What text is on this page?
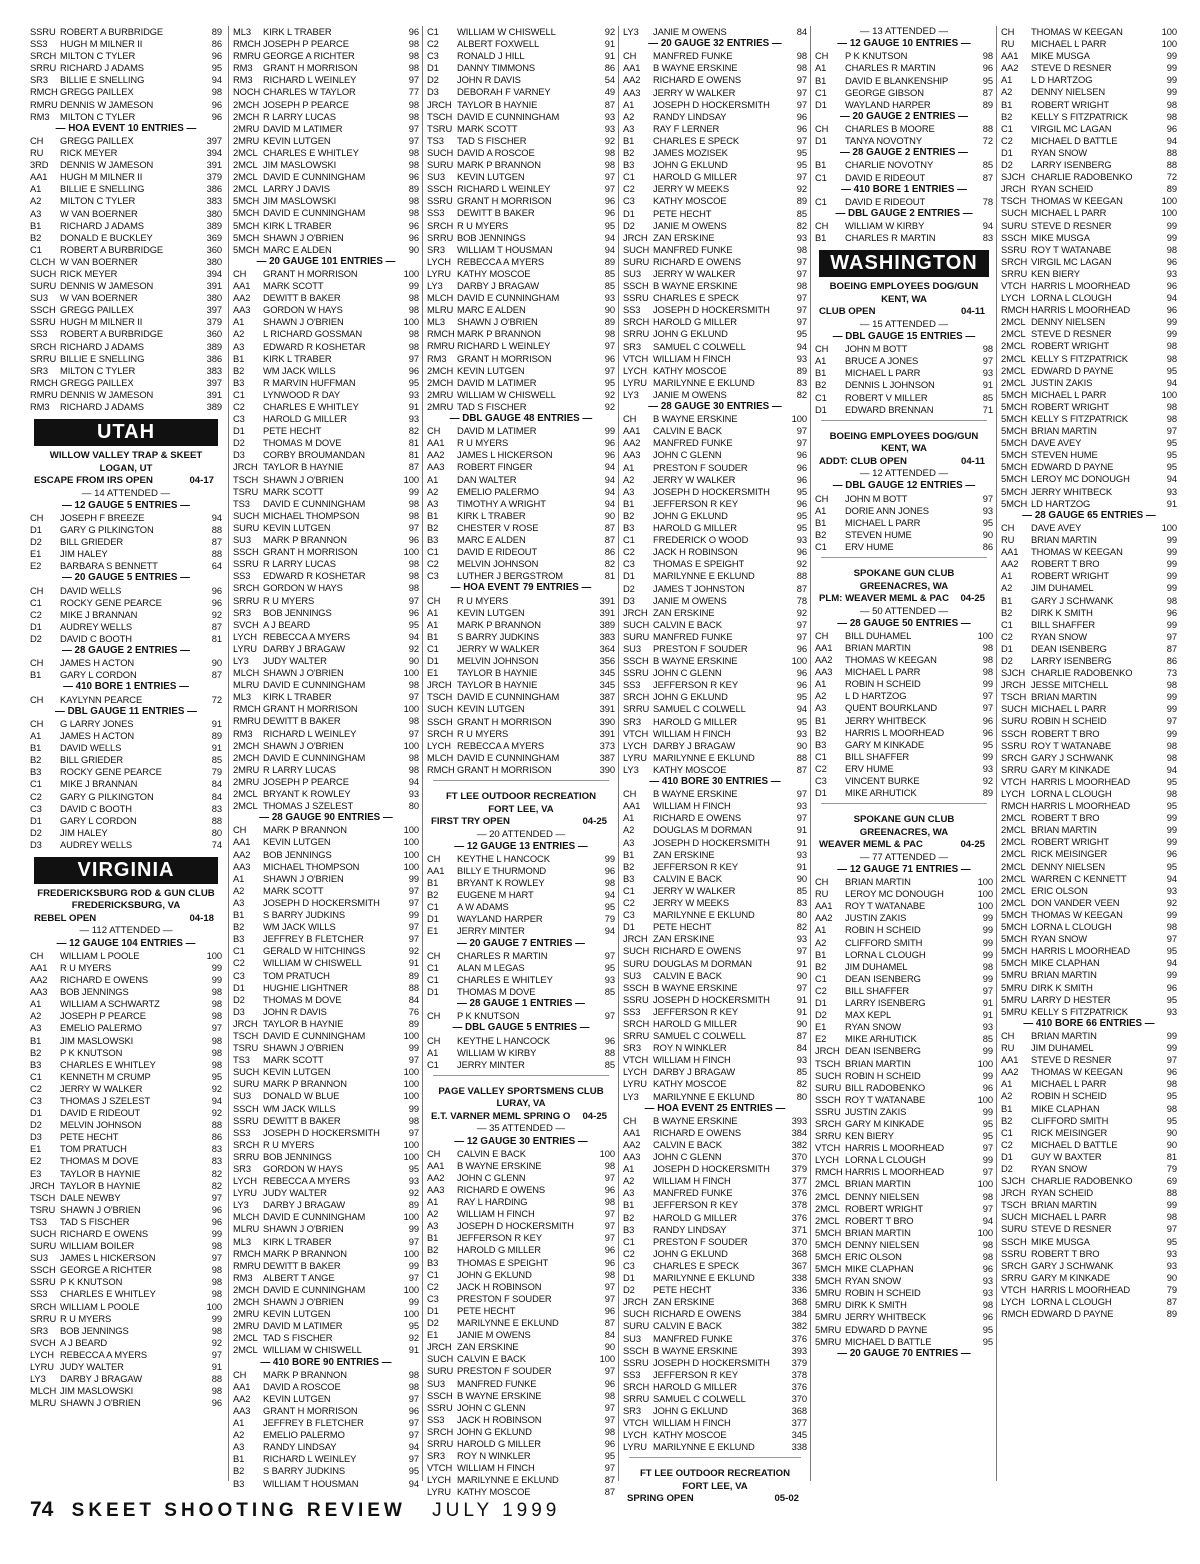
SSRU ROBERT A BURBRIDGE	89
SS3	HUGH M MILNER II	86
SRCH MILTON C TYLER	96
SRRU RICHARD J ADAMS	95
SR3	BILLIE E SNELLING	94
RMCH GREGG PAILLEX	98
RMRU DENNIS W JAMESON	96
RM3	MILTON C TYLER	96
— HOA EVENT 10 ENTRIES —
CH	GREGG PAILLEX	397
RU	RICK MEYER	394
3RD	DENNIS W JAMESON	391
AA1	HUGH M MILNER II	379
A1	BILLIE E SNELLING	386
A2	MILTON C TYLER	383
A3	W VAN BOERNER	380
B1	RICHARD J ADAMS	389
B2	DONALD E BUCKLEY	369
C1	ROBERT A BURBRIDGE	360
CLCH W VAN BOERNER	380
SUCH RICK MEYER	394
SURU DENNIS W JAMESON	391
SU3	W VAN BOERNER	380
SSCH GREGG PAILLEX	397
SSRU HUGH M MILNER II	379
SS3	ROBERT A BURBRIDGE	360
SRCH RICHARD J ADAMS	389
SRRU BILLIE E SNELLING	386
SR3	MILTON C TYLER	383
RMCH GREGG PAILLEX	397
RMRU DENNIS W JAMESON	391
RM3	RICHARD J ADAMS	389
UTAH
WILLOW VALLEY TRAP & SKEET
LOGAN, UT
ESCAPE FROM IRS OPEN	04-17
— 14 ATTENDED —
— 12 GAUGE 5 ENTRIES —
CH	JOSEPH F BREEZE	94
D1	GARY G PILKINGTON	88
D2	BILL GRIEDER	87
E1	JIM HALEY	88
E2	BARBARA S BENNETT	64
— 20 GAUGE 5 ENTRIES —
CH	DAVID WELLS	96
C1	ROCKY GENE PEARCE	96
C2	MIKE J BRANNAN	92
D1	AUDREY WELLS	87
D2	DAVID C BOOTH	81
— 28 GAUGE 2 ENTRIES —
CH	JAMES H ACTON	90
B1	GARY L CORDON	87
— 410 BORE 1 ENTRIES —
CH	KAYLYNN PEARCE	72
— DBL GAUGE 11 ENTRIES —
CH	G LARRY JONES	91
A1	JAMES H ACTON	89
B1	DAVID WELLS	91
B2	BILL GRIEDER	85
B3	ROCKY GENE PEARCE	79
C1	MIKE J BRANNAN	84
C2	GARY G PILKINGTON	84
C3	DAVID C BOOTH	83
D1	GARY L CORDON	88
D2	JIM HALEY	80
D3	AUDREY WELLS	74
VIRGINIA
FREDERICKSBURG ROD & GUN CLUB
FREDERICKSBURG, VA
REBEL OPEN	04-18
— 112 ATTENDED —
— 12 GAUGE 104 ENTRIES —
CH	WILLIAM L POOLE	100
AA1	R U MYERS	99
AA2	RICHARD E OWENS	99
AA3	BOB JENNINGS	98
A1	WILLIAM A SCHWARTZ	98
A2	JOSEPH P PEARCE	98
A3	EMELIO PALERMO	97
B1	JIM MASLOWSKI	98
B2	P K KNUTSON	98
B3	CHARLES E WHITLEY	98
C1	KENNETH M CRUMP	95
C2	JERRY W WALKER	92
C3	THOMAS J SZELEST	94
D1	DAVID E RIDEOUT	92
D2	MELVIN JOHNSON	88
D3	PETE HECHT	86
E1	TOM PRATUCH	83
E2	THOMAS M DOVE	83
E3	TAYLOR B HAYNIE	82
JRCH TAYLOR B HAYNIE	82
TSCH DALE NEWBY	97
TSRU SHAWN J O'BRIEN	96
TS3	TAD S FISCHER	96
SUCH RICHARD E OWENS	99
SURU WILLIAM BOILER	98
SU3	JAMES L HICKERSON	97
SSCH GEORGE A RICHTER	98
SSRU P K KNUTSON	98
SS3	CHARLES E WHITLEY	98
SRCH WILLIAM L POOLE	100
SRRU R U MYERS	99
SR3	BOB JENNINGS	98
SVCH A J BEARD	92
LYCH REBECCA A MYERS	97
LYRU JUDY WALTER	91
LY3	DARBY J BRAGAW	88
MLCH JIM MASLOWSKI	98
MLRU SHAWN J O'BRIEN	96
ML3	KIRK L TRABER	96
RMCH JOSEPH P PEARCE	98
RMRU GEORGE A RICHTER	98
RM3	GRANT H MORRISON	98
RM3	RICHARD L WEINLEY	97
NOCH CHARLES W TAYLOR	77
2MCH JOSEPH P PEARCE	98
2MCH R LARRY LUCAS	98
2MRU DAVID M LATIMER	97
2MRU KEVIN LUTGEN	97
2MCL CHARLES E WHITLEY	98
2MCL JIM MASLOWSKI	98
2MCL DAVID E CUNNINGHAM	96
2MCL LARRY J DAVIS	89
5MCH JIM MASLOWSKI	98
5MCH DAVID E CUNNINGHAM	98
5MCH KIRK L TRABER	96
5MCH SHAWN J O'BRIEN	96
5MCH MARC E ALDEN	90
— 20 GAUGE 101 ENTRIES —
CH	GRANT H MORRISON	100
AA1	MARK SCOTT	99
AA2	DEWITT B BAKER	98
AA3	GORDON W HAYS	98
A1	SHAWN J O'BRIEN	100
A2	L RICHARD GOSSMAN	98
A3	EDWARD R KOSHETAR	98
B1	KIRK L TRABER	97
B2	WM JACK WILLS	96
B3	R MARVIN HUFFMAN	95
C1	LYNWOOD R DAY	93
C2	CHARLES E WHITLEY	91
C3	HAROLD G MILLER	93
D1	PETE HECHT	82
D2	THOMAS M DOVE	81
D3	CORBY BROUMANDAN	81
JRCH TAYLOR B HAYNIE	87
TSCH SHAWN J O'BRIEN	100
TSRU MARK SCOTT	99
TS3	DAVID E CUNNINGHAM	98
SUCH MICHAEL THOMPSON	98
SURU KEVIN LUTGEN	97
SU3	MARK P BRANNON	96
SSCH GRANT H MORRISON	100
SSRU R LARRY LUCAS	98
SS3	EDWARD R KOSHETAR	98
SRCH GORDON W HAYS	98
SRRU R U MYERS	97
SR3	BOB JENNINGS	96
SVCH A J BEARD	95
LYCH REBECCA A MYERS	94
LYRU DARBY J BRAGAW	92
LY3	JUDY WALTER	90
MLCH SHAWN J O'BRIEN	100
MLRU DAVID E CUNNINGHAM	98
ML3	KIRK L TRABER	97
RMCH GRANT H MORRISON	100
RMRU DEWITT B BAKER	98
RM3	RICHARD L WEINLEY	97
2MCH SHAWN J O'BRIEN	100
2MCH DAVID E CUNNINGHAM	98
2MRU R LARRY LUCAS	98
2MRU JOSEPH P PEARCE	94
2MCL BRYANT K ROWLEY	93
2MCL THOMAS J SZELEST	80
— 28 GAUGE 90 ENTRIES —
CH	MARK P BRANNON	100
AA1	KEVIN LUTGEN	100
AA2	BOB JENNINGS	100
AA3	MICHAEL THOMPSON	100
A1	SHAWN J O'BRIEN	99
A2	MARK SCOTT	97
A3	JOSEPH D HOCKERSMITH	97
B1	S BARRY JUDKINS	99
B2	WM JACK WILLS	97
B3	JEFFREY B FLETCHER	97
C1	GERALD W HITCHINGS	92
C2	WILLIAM W CHISWELL	91
C3	TOM PRATUCH	89
D1	HUGHIE LIGHTNER	88
D2	THOMAS M DOVE	84
D3	JOHN R DAVIS	76
JRCH TAYLOR B HAYNIE	89
TSCH DAVID E CUNNINGHAM	100
TSRU SHAWN J O'BRIEN	99
TS3	MARK SCOTT	97
SUCH KEVIN LUTGEN	100
SURU MARK P BRANNON	100
SU3	DONALD W BLUE	100
SSCH WM JACK WILLS	99
SSRU DEWITT B BAKER	98
SS3	JOSEPH D HOCKERSMITH	97
SRCH R U MYERS	100
SRRU BOB JENNINGS	100
SR3	GORDON W HAYS	95
LYCH REBECCA A MYERS	93
LYRU JUDY WALTER	92
LY3	DARBY J BRAGAW	89
MLCH DAVID E CUNNINGHAM	100
MLRU SHAWN J O'BRIEN	99
ML3	KIRK L TRABER	97
RMCH MARK P BRANNON	100
RMRU DEWITT B BAKER	99
RM3	ALBERT T ANGE	97
2MCH DAVID E CUNNINGHAM	100
2MCH SHAWN J O'BRIEN	99
2MRU KEVIN LUTGEN	100
2MRU DAVID M LATIMER	95
2MCL TAD S FISCHER	92
2MCL WILLIAM W CHISWELL	91
— 410 BORE 90 ENTRIES —
CH	MARK P BRANNON	98
AA1	DAVID A ROSCOE	98
AA2	KEVIN LUTGEN	97
AA3	GRANT H MORRISON	96
A1	JEFFREY B FLETCHER	97
A2	EMELIO PALERMO	97
A3	RANDY LINDSAY	94
B1	RICHARD L WEINLEY	97
B2	S BARRY JUDKINS	95
B3	WILLIAM T HOUSMAN	94
C1	WILLIAM W CHISWELL	92
C2	ALBERT FOXWELL	91
C3	RONALD J HILL	91
D1	DANNY TIMMONS	86
D2	JOHN R DAVIS	54
D3	DEBORAH F VARNEY	49
JRCH TAYLOR B HAYNIE	87
TSCH DAVID E CUNNINGHAM	93
TSRU MARK SCOTT	93
TS3	TAD S FISCHER	92
SUCH DAVID A ROSCOE	98
SURU MARK P BRANNON	98
SU3	KEVIN LUTGEN	97
SSCH RICHARD L WEINLEY	97
SSRU GRANT H MORRISON	96
SS3	DEWITT B BAKER	96
SRCH R U MYERS	95
SRRU BOB JENNINGS	94
SR3	WILLIAM T HOUSMAN	94
LYCH REBECCA A MYERS	89
LYRU KATHY MOSCOE	85
LY3	DARBY J BRAGAW	85
MLCH DAVID E CUNNINGHAM	93
MLRU MARC E ALDEN	90
ML3	SHAWN J O'BRIEN	89
RMCH MARK P BRANNON	98
RMRU RICHARD L WEINLEY	97
RM3	GRANT H MORRISON	96
2MCH KEVIN LUTGEN	97
2MCH DAVID M LATIMER	95
2MRU WILLIAM W CHISWELL	92
2MRU TAD S FISCHER	92
— DBL GAUGE 48 ENTRIES —
CH	DAVID M LATIMER	99
AA1	R U MYERS	96
AA2	JAMES L HICKERSON	96
AA3	ROBERT FINGER	94
A1	DAN WALTER	94
A2	EMELIO PALERMO	94
A3	TIMOTHY A WRIGHT	94
B1	KIRK L TRABER	90
B2	CHESTER V ROSE	87
B3	MARC E ALDEN	87
C1	DAVID E RIDEOUT	86
C2	MELVIN JOHNSON	82
C3	LUTHER J BERGSTROM	81
— HOA EVENT 79 ENTRIES —
CH	R U MYERS	391
A1	KEVIN LUTGEN	391
A1	MARK P BRANNON	389
B1	S BARRY JUDKINS	383
C1	JERRY W WALKER	364
D1	MELVIN JOHNSON	356
E1	TAYLOR B HAYNIE	345
JRCH TAYLOR B HAYNIE	345
TSCH DAVID E CUNNINGHAM	387
SUCH KEVIN LUTGEN	391
SSCH GRANT H MORRISON	390
SRCH R U MYERS	391
LYCH REBECCA A MYERS	373
MLCH DAVID E CUNNINGHAM	387
RMCH GRANT H MORRISON	390
FT LEE OUTDOOR RECREATION
FORT LEE, VA
FIRST TRY OPEN	04-25
— 20 ATTENDED —
— 12 GAUGE 13 ENTRIES —
CH	KEYTHE L HANCOCK	99
AA1	BILLY E THURMOND	96
B1	BRYANT K ROWLEY	98
B2	EUGENE M HART	94
C1	A W ADAMS	95
D1	WAYLAND HARPER	79
E1	JERRY MINTER	94
— 20 GAUGE 7 ENTRIES —
CH	CHARLES R MARTIN	97
C1	ALAN M LEGAS	95
C1	CHARLES E WHITLEY	93
D1	THOMAS M DOVE	85
— 28 GAUGE 1 ENTRIES —
CH	P K KNUTSON	97
— DBL GAUGE 5 ENTRIES —
CH	KEYTHE L HANCOCK	96
A1	WILLIAM W KIRBY	88
C1	JERRY MINTER	85
PAGE VALLEY SPORTSMENS CLUB
LURAY, VA
E.T. VARNER MEML SPRING O 04-25
— 35 ATTENDED —
— 12 GAUGE 30 ENTRIES —
CH	CALVIN E BACK	100
AA1	B WAYNE ERSKINE	98
AA2	JOHN C GLENN	97
AA3	RICHARD E OWENS	96
A1	RAY L HARDING	98
A2	WILLIAM H FINCH	97
A3	JOSEPH D HOCKERSMITH	97
B1	JEFFERSON R KEY	97
B2	HAROLD G MILLER	96
B3	THOMAS E SPEIGHT	96
C1	JOHN G EKLUND	98
C2	JACK H ROBINSON	97
C3	PRESTON F SOUDER	97
D1	PETE HECHT	96
D2	MARILYNNE E EKLUND	87
E1	JANIE M OWENS	84
JRCH ZAN ERSKINE	90
SUCH CALVIN E BACK	100
SURU PRESTON F SOUDER	97
SU3	MANFRED FUNKE	96
SSCH B WAYNE ERSKINE	98
SSRU JOHN C GLENN	97
SS3	JACK H ROBINSON	97
SRCH JOHN G EKLUND	98
SRRU HAROLD G MILLER	96
SR3	ROY N WINKLER	95
VTCH WILLIAM H FINCH	97
LYCH MARILYNNE E EKLUND	87
LYRU KATHY MOSCOE	87
LY3	JANIE M OWENS	84
— 20 GAUGE 32 ENTRIES —
CH	MANFRED FUNKE	98
AA1	B WAYNE ERSKINE	98
AA2	RICHARD E OWENS	97
AA3	JERRY W WALKER	97
A1	JOSEPH D HOCKERSMITH	97
A2	RANDY LINDSAY	96
A3	RAY F LERNER	96
B1	CHARLES E SPECK	97
B2	JAMES MOZISEK	95
B3	JOHN G EKLUND	95
C1	HAROLD G MILLER	97
C2	JERRY W MEEKS	92
C3	KATHY MOSCOE	89
D1	PETE HECHT	85
D2	JANIE M OWENS	82
JRCH ZAN ERSKINE	93
SUCH MANFRED FUNKE	98
SURU RICHARD E OWENS	97
SU3	JERRY W WALKER	97
SSCH B WAYNE ERSKINE	98
SSRU CHARLES E SPECK	97
SS3	JOSEPH D HOCKERSMITH	97
SRCH HAROLD G MILLER	97
SRRU JOHN G EKLUND	95
SR3	SAMUEL C COLWELL	94
VTCH WILLIAM H FINCH	93
LYCH KATHY MOSCOE	89
LYRU MARILYNNE E EKLUND	83
LY3	JANIE M OWENS	82
— 28 GAUGE 30 ENTRIES —
CH	B WAYNE ERSKINE	100
AA1	CALVIN E BACK	97
AA2	MANFRED FUNKE	97
AA3	JOHN C GLENN	96
A1	PRESTON F SOUDER	96
A2	JERRY W WALKER	96
A3	JOSEPH D HOCKERSMITH	95
B1	JEFFERSON R KEY	96
B2	JOHN G EKLUND	95
B3	HAROLD G MILLER	95
C1	FREDERICK O WOOD	93
C2	JACK H ROBINSON	96
C3	THOMAS E SPEIGHT	92
D1	MARILYNNE E EKLUND	88
D2	JAMES T JOHNSTON	87
D3	JANIE M OWENS	78
JRCH ZAN ERSKINE	92
SUCH CALVIN E BACK	97
SURU MANFRED FUNKE	97
SU3	PRESTON F SOUDER	96
SSCH B WAYNE ERSKINE	100
SSRU JOHN C GLENN	96
SS3	JEFFERSON R KEY	96
SRCH JOHN G EKLUND	95
SRRU SAMUEL C COLWELL	94
SR3	HAROLD G MILLER	95
VTCH WILLIAM H FINCH	93
LYCH DARBY J BRAGAW	90
LYRU MARILYNNE E EKLUND	88
LY3	KATHY MOSCOE	87
— 410 BORE 30 ENTRIES —
CH	B WAYNE ERSKINE	97
AA1	WILLIAM H FINCH	93
A1	RICHARD E OWENS	97
A2	DOUGLAS M DORMAN	91
A3	JOSEPH D HOCKERSMITH	91
B1	ZAN ERSKINE	93
B2	JEFFERSON R KEY	91
B3	CALVIN E BACK	90
C1	JERRY W WALKER	85
C2	JERRY W MEEKS	83
C3	MARILYNNE E EKLUND	80
D1	PETE HECHT	82
JRCH ZAN ERSKINE	93
SUCH RICHARD E OWENS	97
SURU DOUGLAS M DORMAN	91
SU3	CALVIN E BACK	90
SSCH B WAYNE ERSKINE	97
SSRU JOSEPH D HOCKERSMITH	91
SS3	JEFFERSON R KEY	91
SRCH HAROLD G MILLER	90
SRRU SAMUEL C COLWELL	87
SR3	ROY N WINKLER	84
VTCH WILLIAM H FINCH	93
LYCH DARBY J BRAGAW	85
LYRU KATHY MOSCOE	82
LY3	MARILYNNE E EKLUND	80
— HOA EVENT 25 ENTRIES —
CH	B WAYNE ERSKINE	393
AA1	RICHARD E OWENS	384
AA2	CALVIN E BACK	382
AA3	JOHN C GLENN	370
A1	JOSEPH D HOCKERSMITH	379
A2	WILLIAM H FINCH	377
A3	MANFRED FUNKE	376
B1	JEFFERSON R KEY	378
B2	HAROLD G MILLER	376
B3	RANDY LINDSAY	371
C1	PRESTON F SOUDER	370
C2	JOHN G EKLUND	368
C3	CHARLES E SPECK	367
D1	MARILYNNE E EKLUND	338
D2	PETE HECHT	336
JRCH ZAN ERSKINE	368
SUCH RICHARD E OWENS	384
SURU CALVIN E BACK	382
SU3	MANFRED FUNKE	376
SSCH B WAYNE ERSKINE	393
SSRU JOSEPH D HOCKERSMITH	379
SS3	JEFFERSON R KEY	378
SRCH HAROLD G MILLER	376
SRRU SAMUEL C COLWELL	370
SR3	JOHN G EKLUND	368
VTCH WILLIAM H FINCH	377
LYCH KATHY MOSCOE	345
LYRU MARILYNNE E EKLUND	338
FT LEE OUTDOOR RECREATION
FORT LEE, VA
SPRING OPEN	05-02
— 13 ATTENDED —
— 12 GAUGE 10 ENTRIES —
CH	P K KNUTSON	98
A1	CHARLES R MARTIN	96
B1	DAVID E BLANKENSHIP	95
C1	GEORGE GIBSON	87
D1	WAYLAND HARPER	89
— 20 GAUGE 2 ENTRIES —
CH	CHARLES B MOORE	88
D1	TANYA NOVOTNY	72
— 28 GAUGE 2 ENTRIES —
B1	CHARLIE NOVOTNY	85
C1	DAVID E RIDEOUT	87
— 410 BORE 1 ENTRIES —
C1	DAVID E RIDEOUT	78
— DBL GAUGE 2 ENTRIES —
CH	WILLIAM W KIRBY	94
B1	CHARLES R MARTIN	83
WASHINGTON
BOEING EMPLOYEES DOG/GUN
KENT, WA
CLUB OPEN	04-11
— 15 ATTENDED —
— DBL GAUGE 15 ENTRIES —
CH	JOHN M BOTT	98
A1	BRUCE A JONES	97
B1	MICHAEL L PARR	93
B2	DENNIS L JOHNSON	91
C1	ROBERT V MILLER	85
D1	EDWARD BRENNAN	71
BOEING EMPLOYEES DOG/GUN
KENT, WA
ADDT: CLUB OPEN	04-11
— 12 ATTENDED —
— DBL GAUGE 12 ENTRIES —
CH	JOHN M BOTT	97
A1	DORIE ANN JONES	93
B1	MICHAEL L PARR	95
B2	STEVEN HUME	90
C1	ERV HUME	86
SPOKANE GUN CLUB
GREENACRES, WA
PLM: WEAVER MEML & PAC 04-25
— 50 ATTENDED —
— 28 GAUGE 50 ENTRIES —
CH	BILL DUHAMEL	100
AA1	BRIAN MARTIN	98
AA2	THOMAS W KEEGAN	98
AA3	MICHAEL L PARR	98
A1	ROBIN H SCHEID	99
A2	L D HARTZOG	97
A3	QUENT BOURKLAND	97
B1	JERRY WHITBECK	96
B2	HARRIS L MOORHEAD	96
B3	GARY M KINKADE	95
C1	BILL SHAFFER	99
C2	ERV HUME	93
C3	VINCENT BURKE	92
D1	MIKE ARHUTICK	89
SPOKANE GUN CLUB
GREENACRES, WA
WEAVER MEML & PAC	04-25
— 77 ATTENDED —
— 12 GAUGE 71 ENTRIES —
CH	BRIAN MARTIN	100
RU	LEROY MC DONOUGH	100
AA1	ROY T WATANABE	100
AA2	JUSTIN ZAKIS	99
A1	ROBIN H SCHEID	99
A2	CLIFFORD SMITH	99
B1	LORNA L CLOUGH	99
B2	JIM DUHAMEL	98
C1	DEAN ISENBERG	99
C2	BILL SHAFFER	97
D1	LARRY ISENBERG	91
D2	MAX KEPL	91
E1	RYAN SNOW	93
E2	MIKE ARHUTICK	85
JRCH DEAN ISENBERG	99
TSCH BRIAN MARTIN	100
SUCH ROBIN H SCHEID	99
SURU BILL RADOBENKO	96
SSCH ROY T WATANABE	100
SSRU JUSTIN ZAKIS	99
SRCH GARY M KINKADE	95
SRRU KEN BIERY	95
VTCH HARRIS L MOORHEAD	97
LYCH LORNA L CLOUGH	99
RMCH HARRIS L MOORHEAD	97
2MCL BRIAN MARTIN	100
2MCL DENNY NIELSEN	98
2MCL ROBERT WRIGHT	97
2MCL ROBERT T BRO	94
5MCH BRIAN MARTIN	100
5MCH DENNY NIELSEN	98
5MCH ERIC OLSON	98
5MCH MIKE CLAPHAN	96
5MCH RYAN SNOW	93
5MRU ROBIN H SCHEID	93
5MRU DIRK K SMITH	98
5MRU JERRY WHITBECK	96
5MRU EDWARD D PAYNE	95
5MRU MICHAEL D BATTLE	95
— 20 GAUGE 70 ENTRIES —
CH	THOMAS W KEEGAN	100
RU	MICHAEL L PARR	100
AA1	MIKE MUSGA	99
AA2	STEVE D RESNER	99
A1	L D HARTZOG	99
A2	DENNY NIELSEN	99
B1	ROBERT WRIGHT	98
B2	KELLY S FITZPATRICK	98
C1	VIRGIL MC LAGAN	96
C2	MICHAEL D BATTLE	94
D1	RYAN SNOW	88
D2	LARRY ISENBERG	88
SJCH CHARLIE RADOBENKO	72
JRCH RYAN SCHEID	89
TSCH THOMAS W KEEGAN	100
SUCH MICHAEL L PARR	100
SURU STEVE D RESNER	99
SSCH MIKE MUSGA	99
SSRU ROY T WATANABE	98
SRCH VIRGIL MC LAGAN	96
SRRU KEN BIERY	93
VTCH HARRIS L MOORHEAD	96
LYCH LORNA L CLOUGH	94
RMCH HARRIS L MOORHEAD	96
2MCL DENNY NIELSEN	99
2MCL STEVE D RESNER	99
2MCL ROBERT WRIGHT	98
2MCL KELLY S FITZPATRICK	98
2MCL EDWARD D PAYNE	95
2MCL JUSTIN ZAKIS	94
5MCH MICHAEL L PARR	100
5MCH ROBERT WRIGHT	98
5MCH KELLY S FITZPATRICK	98
5MCH BRIAN MARTIN	97
5MCH DAVE AVEY	95
5MCH STEVEN HUME	95
5MCH EDWARD D PAYNE	95
5MCH LEROY MC DONOUGH	94
5MCH JERRY WHITBECK	93
5MCH LD HARTZOG	91
— 28 GAUGE 65 ENTRIES —
CH	DAVE AVEY	100
RU	BRIAN MARTIN	99
AA1	THOMAS W KEEGAN	99
AA2	ROBERT T BRO	99
A1	ROBERT WRIGHT	99
A2	JIM DUHAMEL	99
B1	GARY J SCHWANK	98
B2	DIRK K SMITH	96
C1	BILL SHAFFER	99
C2	RYAN SNOW	97
D1	DEAN ISENBERG	87
D2	LARRY ISENBERG	86
SJCH CHARLIE RADOBENKO	73
JRCH JESSE MITCHELL	98
TSCH BRIAN MARTIN	99
SUCH MICHAEL L PARR	99
SURU ROBIN H SCHEID	97
SSCH ROBERT T BRO	99
SSRU ROY T WATANABE	98
SRCH GARY J SCHWANK	98
SRRU GARY M KINKADE	94
VTCH HARRIS L MOORHEAD	95
LYCH LORNA L CLOUGH	98
RMCH HARRIS L MOORHEAD	95
2MCL ROBERT T BRO	99
2MCL BRIAN MARTIN	99
2MCL ROBERT WRIGHT	99
2MCL RICK MEISINGER	96
2MCL DENNY NIELSEN	95
2MCL WARREN C KENNETT	94
2MCL ERIC OLSON	93
2MCL DON VANDER VEEN	92
5MCH THOMAS W KEEGAN	99
5MCH LORNA L CLOUGH	98
5MCH RYAN SNOW	97
5MCH HARRIS L MOORHEAD	95
5MCH MIKE CLAPHAN	94
5MRU BRIAN MARTIN	99
5MRU DIRK K SMITH	96
5MRU LARRY D HESTER	95
5MRU KELLY S FITZPATRICK	93
— 410 BORE 66 ENTRIES —
CH	BRIAN MARTIN	99
RU	JIM DUHAMEL	99
AA1	STEVE D RESNER	97
AA2	THOMAS W KEEGAN	96
A1	MICHAEL L PARR	98
A2	ROBIN H SCHEID	95
B1	MIKE CLAPHAN	98
B2	CLIFFORD SMITH	95
C1	RICK MEISINGER	90
C2	MICHAEL D BATTLE	90
D1	GUY W BAXTER	81
D2	RYAN SNOW	79
SJCH CHARLIE RADOBENKO	69
JRCH RYAN SCHEID	88
TSCH BRIAN MARTIN	99
SUCH MICHAEL L PARR	98
SURU STEVE D RESNER	97
SSCH MIKE MUSGA	95
SSRU ROBERT T BRO	93
SRCH GARY J SCHWANK	93
SRRU GARY M KINKADE	90
VTCH HARRIS L MOORHEAD	79
LYCH LORNA L CLOUGH	87
RMCH EDWARD D PAYNE	89
74 SKEET SHOOTING REVIEW JULY 1999
